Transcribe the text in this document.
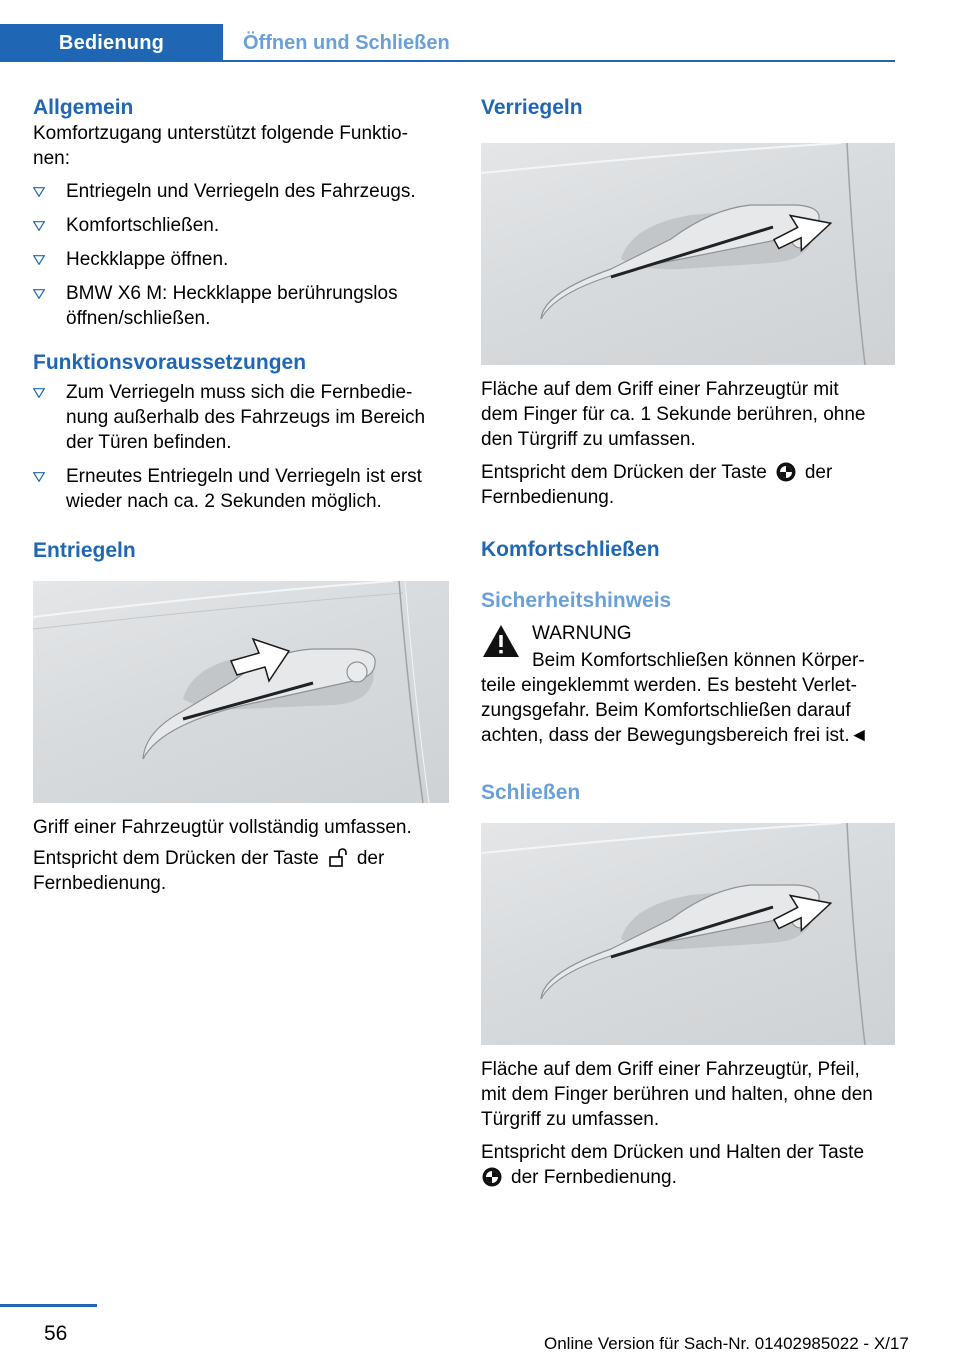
Bedienung	Öffnen und Schließen
Allgemein

Komfortzugang unterstützt folgende Funktio-
nen:

Entriegeln und Verriegeln des Fahrzeugs.
Komfortschließen.
Heckklappe öffnen.
BMW X6 M: Heckklappe berührungslos
öffnen/schließen.
Funktionsvoraussetzungen
Zum Verriegeln muss sich die Fernbedie-
nung außerhalb des Fahrzeugs im Bereich
der Türen befinden.
Erneutes Entriegeln und Verriegeln ist erst
wieder nach ca. 2 Sekunden möglich.
Entriegeln

Griff einer Fahrzeugtür vollständig umfassen.

Entspricht dem Drücken der Taste der
Fernbedienung.

Verriegeln

Fläche auf dem Griff einer Fahrzeugtür mit
dem Finger für ca. 1 Sekunde berühren, ohne
den Türgriff zu umfassen.

Entspricht dem Drücken der Taste der
Fernbedienung.

Komfortschließen
Sicherheitshinweis

WARNUNG

Beim Komfortschließen können Körper-
teile eingeklemmt werden. Es besteht Verlet-
zungsgefahr. Beim Komfortschließen darauf
achten, dass der Bewegungsbereich frei ist.◄

Schließen

Fläche auf dem Griff einer Fahrzeugtür, Pfeil,
mit dem Finger berühren und halten, ohne den
Türgriff zu umfassen.

Entspricht dem Drücken und Halten der Taste
der Fernbedienung.

56	Online Version für Sach-Nr. 01402985022 - X/17
